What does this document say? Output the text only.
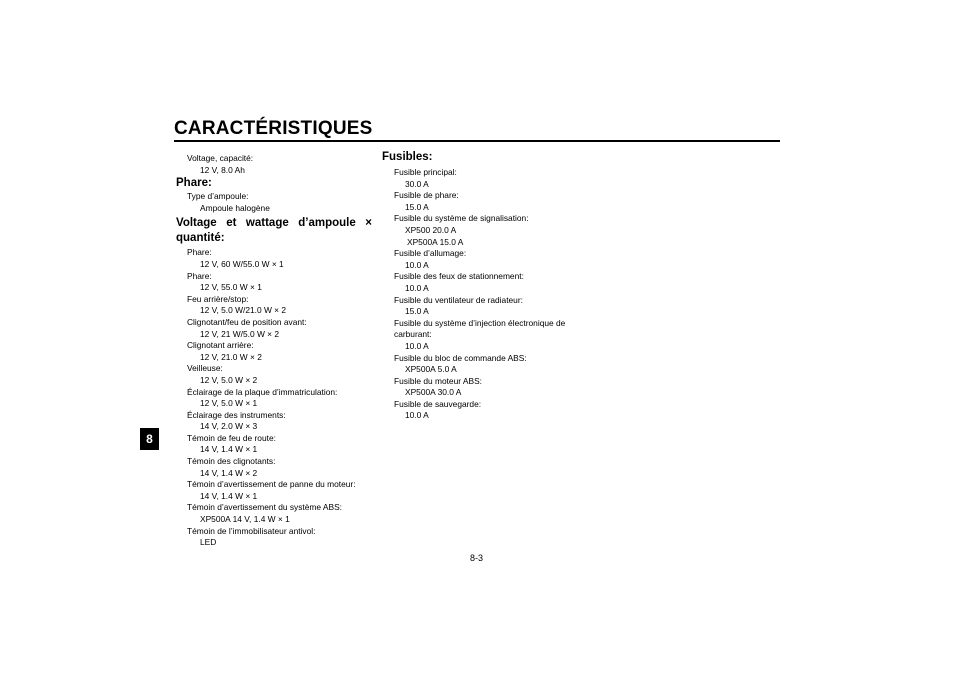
CARACTÉRISTIQUES
8
Voltage, capacité:
12 V, 8.0 Ah
Phare:
Type d’ampoule:
Ampoule halogène
Voltage et wattage d’ampoule ×
quantité:
Phare:
12 V, 60 W/55.0 W × 1
Phare:
12 V, 55.0 W × 1
Feu arrière/stop:
12 V, 5.0 W/21.0 W × 2
Clignotant/feu de position avant:
12 V, 21 W/5.0 W × 2
Clignotant arrière:
12 V, 21.0 W × 2
Veilleuse:
12 V, 5.0 W × 2
Éclairage de la plaque d’immatriculation:
12 V, 5.0 W × 1
Éclairage des instruments:
14 V, 2.0 W × 3
Témoin de feu de route:
14 V, 1.4 W × 1
Témoin des clignotants:
14 V, 1.4 W × 2
Témoin d’avertissement de panne du moteur:
14 V, 1.4 W × 1
Témoin d’avertissement du système ABS:
XP500A 14 V, 1.4 W × 1
Témoin de l’immobilisateur antivol:
LED
Fusibles:
Fusible principal:
30.0 A
Fusible de phare:
15.0 A
Fusible du système de signalisation:
XP500 20.0 A
XP500A 15.0 A
Fusible d’allumage:
10.0 A
Fusible des feux de stationnement:
10.0 A
Fusible du ventilateur de radiateur:
15.0 A
Fusible du système d’injection électronique de
carburant:
10.0 A
Fusible du bloc de commande ABS:
XP500A 5.0 A
Fusible du moteur ABS:
XP500A 30.0 A
Fusible de sauvegarde:
10.0 A
8-3
